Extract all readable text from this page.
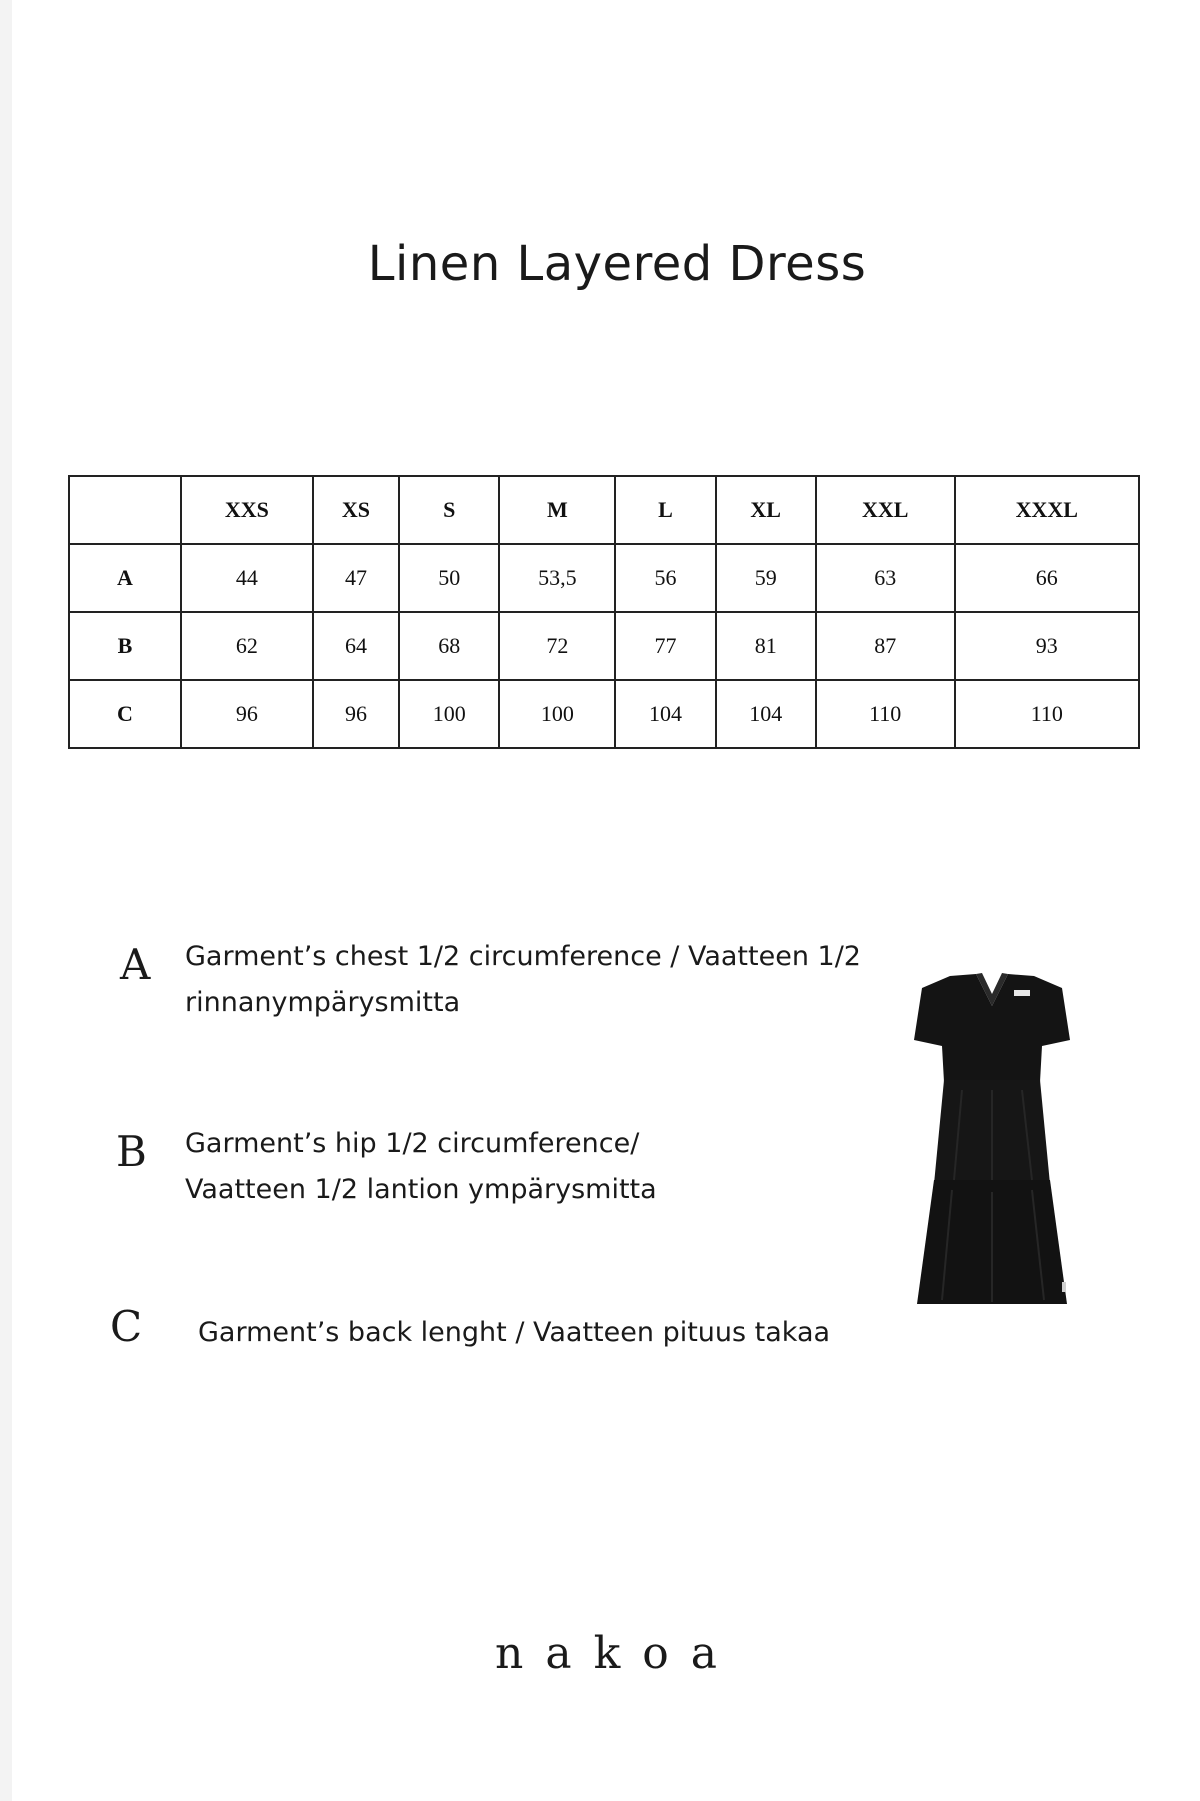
Linen Layered Dress
	XXS	XS	S	M	L	XL	XXL	XXXL
A	44	47	50	53,5	56	59	63	66
B	62	64	68	72	77	81	87	93
C	96	96	100	100	104	104	110	110
A Garment’s chest 1/2 circumference / Vaatteen 1/2
rinnanympärysmitta
B Garment’s hip 1/2 circumference/
Vaatteen 1/2 lantion ympärysmitta
C Garment’s back lenght / Vaatteen pituus takaa
nakoa
